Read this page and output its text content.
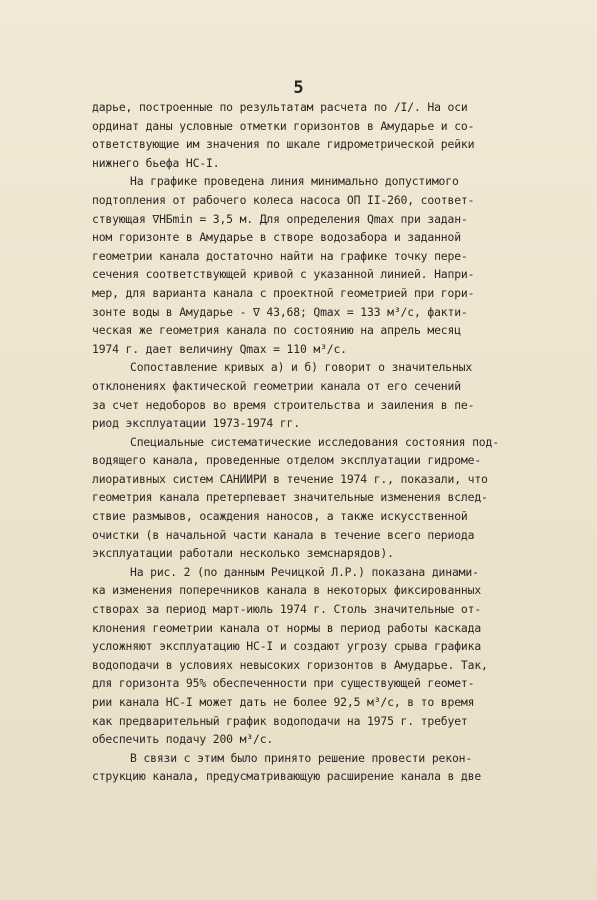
5
дарье, построенные по результатам расчета по /I/. На оси
ординат даны условные отметки горизонтов в Амударье и со-
ответствующие им значения по шкале гидрометрической рейки
нижнего бьефа НС-I.
На графике проведена линия минимально допустимого
подтопления от рабочего колеса насоса ОП II-260, соответ-
ствующая ∇HБmin = 3,5 м. Для определения Qmax при задан-
ном горизонте в Амударье в створе водозабора и заданной
геометрии канала достаточно найти на графике точку пере-
сечения соответствующей кривой с указанной линией. Напри-
мер, для варианта канала с проектной геометрией при гори-
зонте воды в Амударье - ∇ 43,68; Qmax = 133 м³/с, факти-
ческая же геометрия канала по состоянию на апрель месяц
1974 г. дает величину Qmax = 110 м³/с.
Сопоставление кривых а) и б) говорит о значительных
отклонениях фактической геометрии канала от его сечений
за счет недоборов во время строительства и заиления в пе-
риод эксплуатации 1973-1974 гг.
Специальные систематические исследования состояния под-
водящего канала, проведенные отделом эксплуатации гидроме-
лиоративных систем САНИИРИ в течение 1974 г., показали, что
геометрия канала претерпевает значительные изменения вслед-
ствие размывов, осаждения наносов, а также искусственной
очистки (в начальной части канала в течение всего периода
эксплуатации работали несколько земснарядов).
На рис. 2 (по данным Речицкой Л.Р.) показана динами-
ка изменения поперечников канала в некоторых фиксированных
створах за период март-июль 1974 г. Столь значительные от-
клонения геометрии канала от нормы в период работы каскада
усложняют эксплуатацию НС-I и создают угрозу срыва графика
водоподачи в условиях невысоких горизонтов в Амударье. Так,
для горизонта 95% обеспеченности при существующей геомет-
рии канала НС-I может дать не более 92,5 м³/с, в то время
как предварительный график водоподачи на 1975 г. требует
обеспечить подачу 200 м³/с.
В связи с этим было принято решение провести рекон-
струкцию канала, предусматривающую расширение канала в две
